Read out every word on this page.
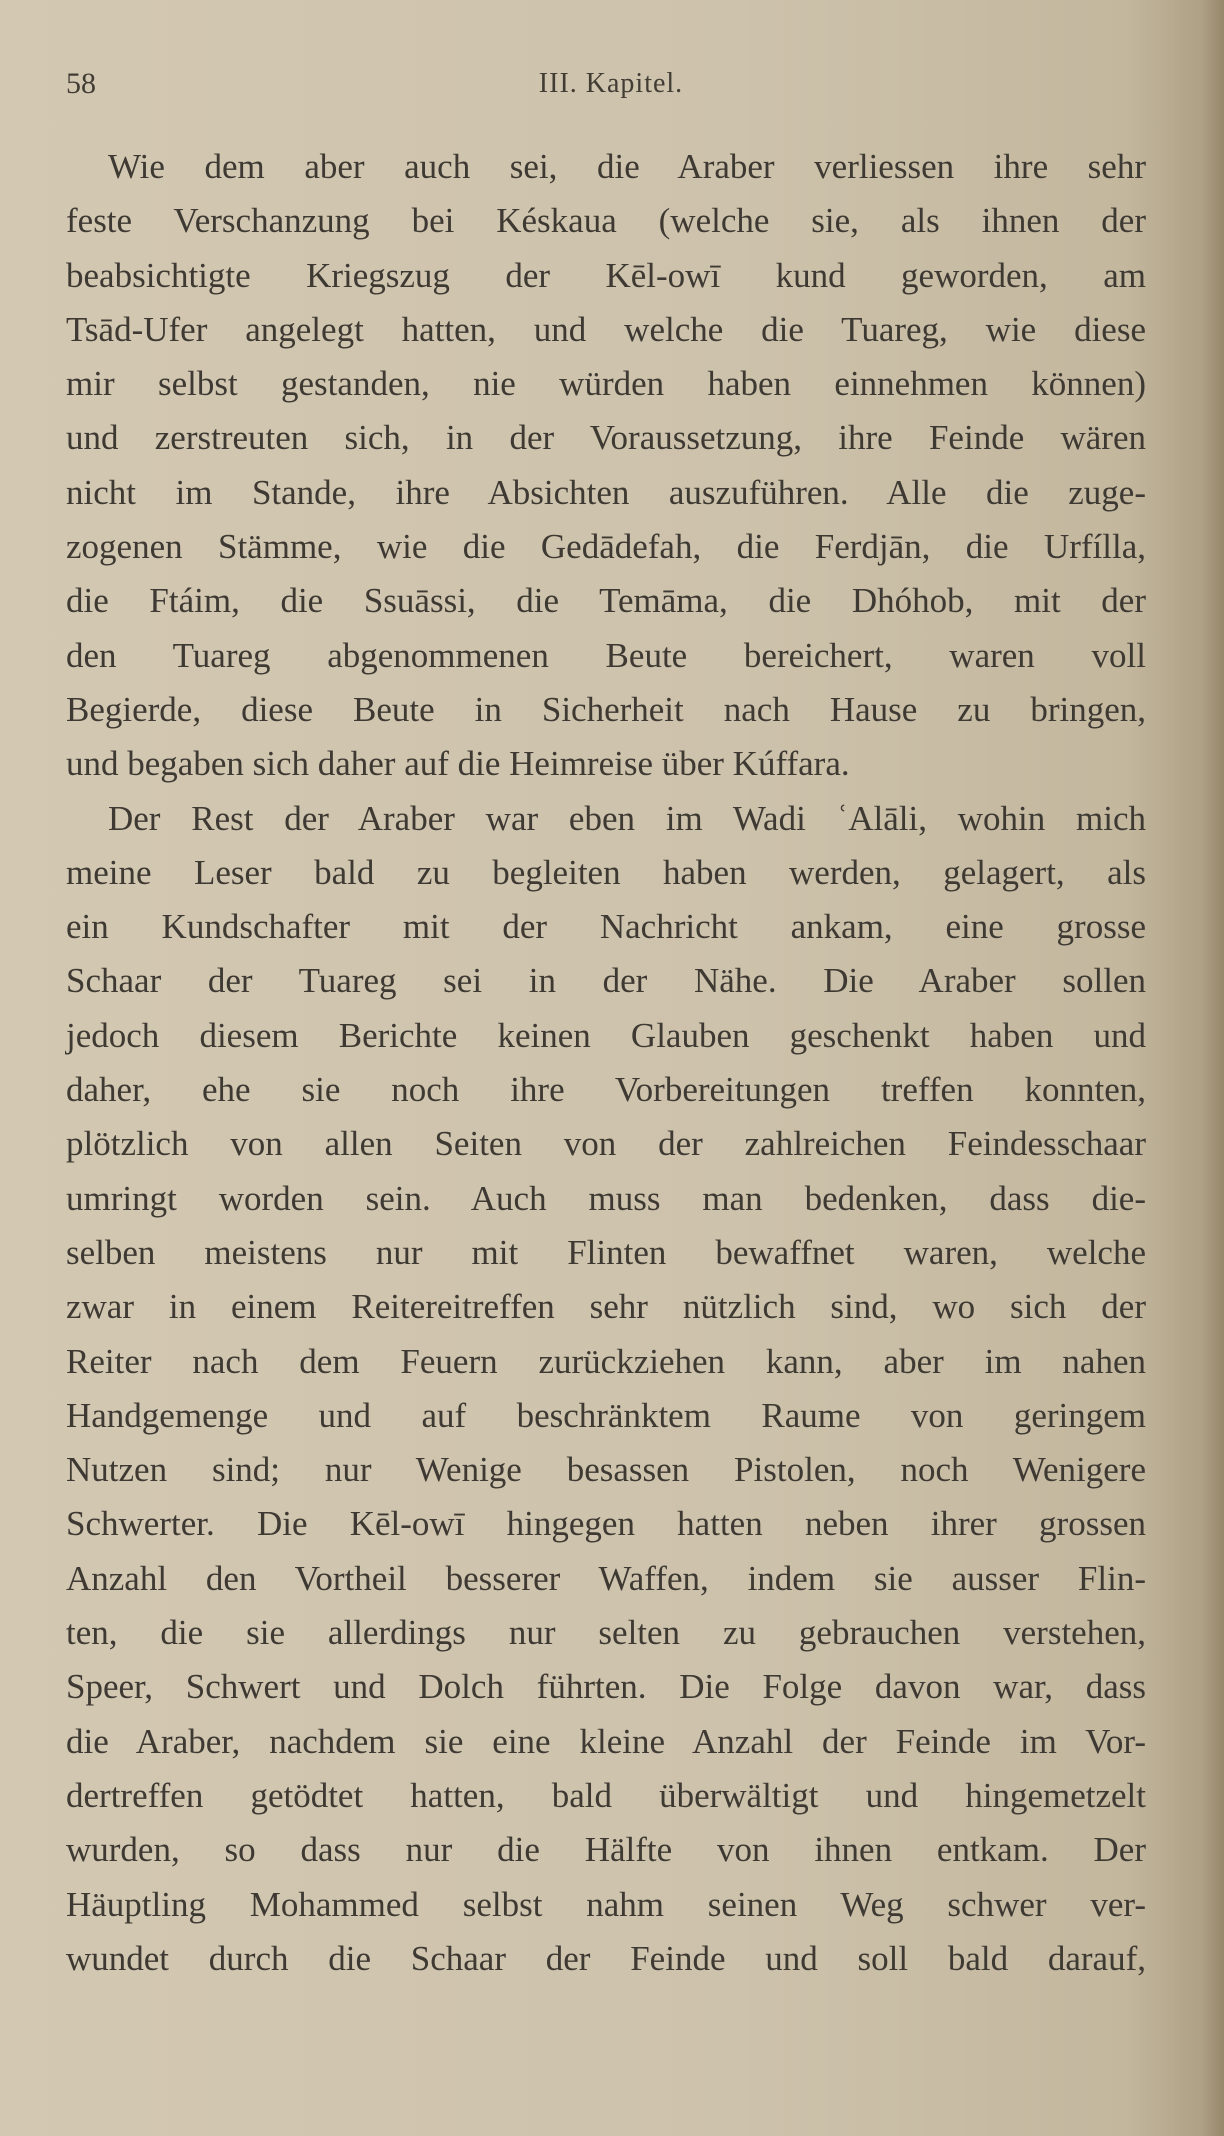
58	III. Kapitel.
Wie dem aber auch sei, die Araber verliessen ihre sehr
feste Verschanzung bei Késkaua (welche sie, als ihnen der
beabsichtigte Kriegszug der Kēl-owī kund geworden, am
Tsād-Ufer angelegt hatten, und welche die Tuareg, wie diese
mir selbst gestanden, nie würden haben einnehmen können)
und zerstreuten sich, in der Voraussetzung, ihre Feinde wären
nicht im Stande, ihre Absichten auszuführen. Alle die zuge-
zogenen Stämme, wie die Gedādefah, die Ferdjān, die Urfílla,
die Ftáim, die Ssuāssi, die Temāma, die Dhóhob, mit der
den Tuareg abgenommenen Beute bereichert, waren voll
Begierde, diese Beute in Sicherheit nach Hause zu bringen,
und begaben sich daher auf die Heimreise über Kúffara.
Der Rest der Araber war eben im Wadi ʿAlāli, wohin mich
meine Leser bald zu begleiten haben werden, gelagert, als
ein Kundschafter mit der Nachricht ankam, eine grosse
Schaar der Tuareg sei in der Nähe. Die Araber sollen
jedoch diesem Berichte keinen Glauben geschenkt haben und
daher, ehe sie noch ihre Vorbereitungen treffen konnten,
plötzlich von allen Seiten von der zahlreichen Feindesschaar
umringt worden sein. Auch muss man bedenken, dass die-
selben meistens nur mit Flinten bewaffnet waren, welche
zwar in einem Reitereitreffen sehr nützlich sind, wo sich der
Reiter nach dem Feuern zurückziehen kann, aber im nahen
Handgemenge und auf beschränktem Raume von geringem
Nutzen sind; nur Wenige besassen Pistolen, noch Wenigere
Schwerter. Die Kēl-owī hingegen hatten neben ihrer grossen
Anzahl den Vortheil besserer Waffen, indem sie ausser Flin-
ten, die sie allerdings nur selten zu gebrauchen verstehen,
Speer, Schwert und Dolch führten. Die Folge davon war, dass
die Araber, nachdem sie eine kleine Anzahl der Feinde im Vor-
dertreffen getödtet hatten, bald überwältigt und hingemetzelt
wurden, so dass nur die Hälfte von ihnen entkam. Der
Häuptling Mohammed selbst nahm seinen Weg schwer ver-
wundet durch die Schaar der Feinde und soll bald darauf,
